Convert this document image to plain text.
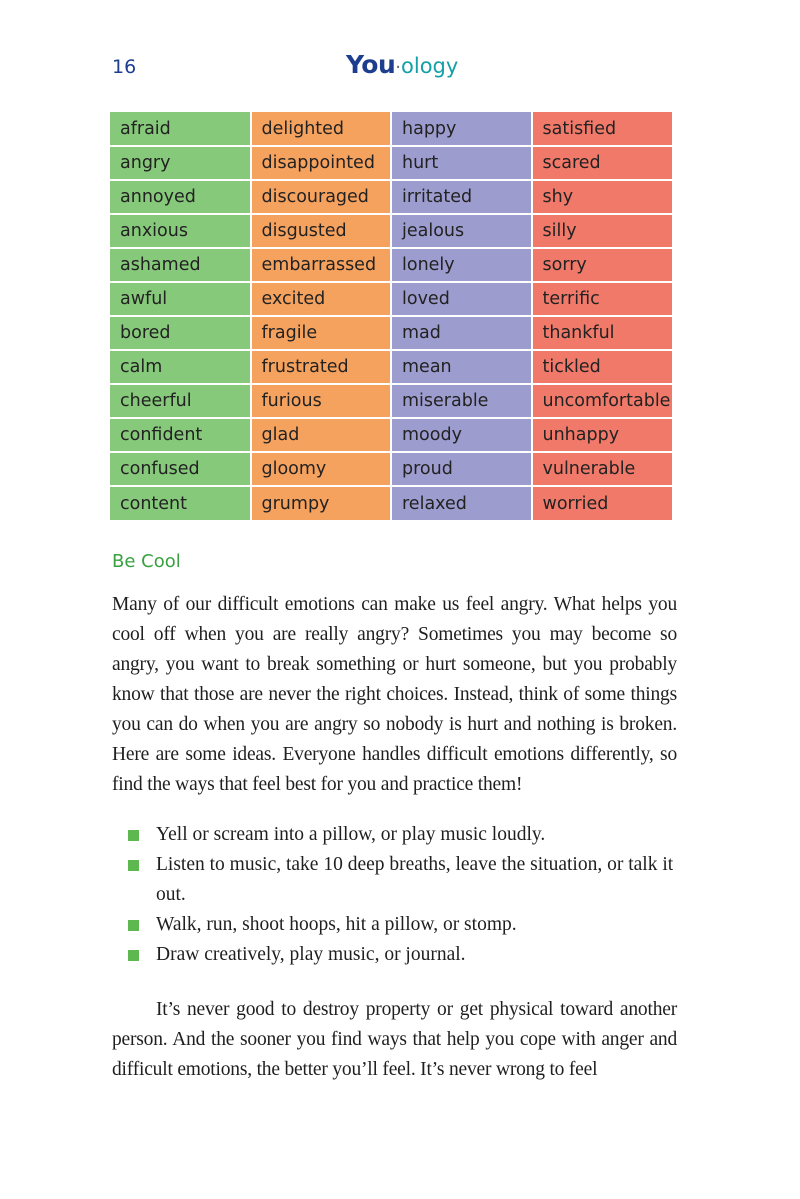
16	You·ology
afraid	delighted	happy	satisfied
angry	disappointed	hurt	scared
annoyed	discouraged	irritated	shy
anxious	disgusted	jealous	silly
ashamed	embarrassed	lonely	sorry
awful	excited	loved	terrific
bored	fragile	mad	thankful
calm	frustrated	mean	tickled
cheerful	furious	miserable	uncomfortable
confident	glad	moody	unhappy
confused	gloomy	proud	vulnerable
content	grumpy	relaxed	worried
Be Cool

Many of our difficult emotions can make us feel angry. What helps you cool off when you are really angry? Sometimes you may become so angry, you want to break something or hurt someone, but you probably know that those are never the right choices. Instead, think of some things you can do when you are angry so nobody is hurt and nothing is broken. Here are some ideas. Everyone handles difficult emotions differently, so find the ways that feel best for you and practice them!

Yell or scream into a pillow, or play music loudly.
Listen to music, take 10 deep breaths, leave the situation, or talk it out.
Walk, run, shoot hoops, hit a pillow, or stomp.
Draw creatively, play music, or journal.

It’s never good to destroy property or get physical toward another person. And the sooner you find ways that help you cope with anger and difficult emotions, the better you’ll feel. It’s never wrong to feel
